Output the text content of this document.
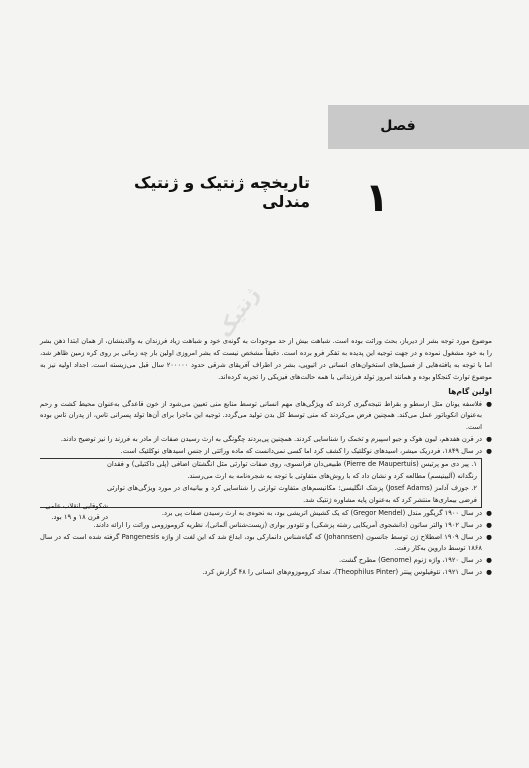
فصل
۱
تاریخچه ژنتیک و ژنتیک مندلی
ژنتیک

موضوع مورد توجه بشر از دیرباز، بحث وراثت بوده است. شباهت بیش از حد موجودات به گونه‌ی خود و شباهت زیاد فرزندان به والدینشان، از همان ابتدا ذهن بشر را به خود مشغول نموده و در جهت توجیه این پدیده به تفکر فرو برده است. دقیقاً مشخص نیست که بشر امروزی اولین بار چه زمانی بر روی کره زمین ظاهر شد، اما با توجه به یافته‌هایی از فسیل‌های استخوان‌های انسانی در اتیوپی، بشر در اطراف آفریقای شرقی حدود ۲۰۰۰۰۰ سال قبل می‌زیسته است. اجداد اولیه نیز به موضوع توارث کنجکاو بوده و همانند امروز تولد فرزندانی با همه حالت‌های فیزیکی را تجربه کرده‌اند.

اولین گام‌ها
●
فلاسفه یونان مثل ارسطو و بقراط نتیجه‌گیری کردند که ویژگی‌های مهم انسانی توسط منابع منی تعیین می‌شود از خون قاعدگی به‌عنوان محیط کشت و رحم به‌عنوان انکوباتور عمل می‌کند. همچنین فرض می‌کردند که منی توسط کل بدن تولید می‌گردد. توجیه این ماجرا برای آن‌ها تولد پسرانی تاس، از پدران تاس بوده است.
●
در قرن هفدهم، لیون هوک و جیو اسپیرم و تخمک را شناسایی کردند. همچنین پی‌بردند چگونگی به ارث رسیدن صفات از مادر به فرزند را نیز توضیح دادند.
●
در سال ۱۸۴۹، فردریک میشر، اسیدهای نوکلئیک را کشف کرد اما کسی نمی‌دانست که ماده وراثتی از جنس اسیدهای نوکلئیک است.
۱. پیر دی مو پرتیس (Pierre de Maupertuis) طبیعی‌دان فرانسوی، روی صفات توارثی مثل انگشتان اضافی (پلی داکتیلی) و فقدان رنگدانه (آلبینیسم) مطالعه کرد و نشان داد که با روش‌های متفاوتی با توجه به شجره‌نامه به ارث می‌رسند.
۲. جوزف آدامز (Josef Adams) پزشک انگلیسی: مکانیسم‌های متفاوت توارثی را شناسایی کرد و بیانیه‌ای در مورد ویژگی‌های توارثی فرضی بیماری‌ها منتشر کرد که به‌عنوان پایه مشاوره ژنتیک شد.
شکوفایی انقلاب علمی در قرن ۱۸ و ۱۹ بود.
●
در سال ۱۹۰۰ گریگور مندل (Gregor Mendel) که یک کشیش اتریشی بود، به نحوه‌ی به ارث رسیدن صفات پی برد.
●
در سال ۱۹۰۲ والتر ساتون (دانشجوی آمریکایی رشته پزشکی) و تئودور بواری (زیست‌شناس آلمانی)، نظریه کروموزومی وراثت را ارائه دادند.
●
در سال ۱۹۰۹ اصطلاح ژن توسط جانسون (Johannsen) که گیاه‌شناس دانمارکی بود، ابداع شد که این لغت از واژه Pangenesis گرفته شده است که در سال ۱۸۶۸ توسط داروین به‌کار رفت.
●
در سال ۱۹۲۰، واژه ژنوم (Genome) مطرح گشت.
●
در سال ۱۹۲۱، تئوفیلوس پینتر (Theophilus Pinter)، تعداد کروموزوم‌های انسانی را ۴۸ گزارش کرد.
